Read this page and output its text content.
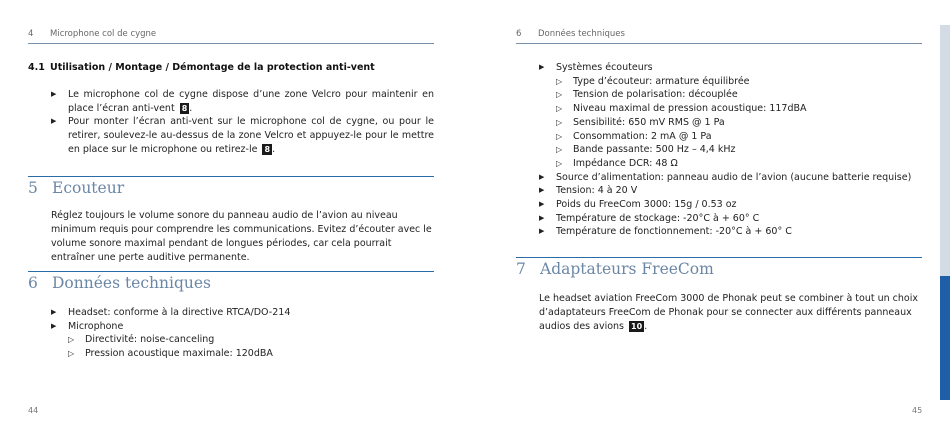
4 Microphone col de cygne
4.1 Utilisation / Montage / Démontage de la protection anti-vent
▶ Le microphone col de cygne dispose d’une zone Velcro pour maintenir en place l’écran anti-vent 8 .
▶ Pour monter l’écran anti-vent sur le microphone col de cygne, ou pour le retirer, soulevez-le au-dessus de la zone Velcro et appuyez-le pour le mettre en place sur le microphone ou retirez-le 8 .
5 Ecouteur
Réglez toujours le volume sonore du panneau audio de l’avion au niveau minimum requis pour comprendre les communications. Evitez d’écouter avec le volume sonore maximal pendant de longues périodes, car cela pourrait entraîner une perte auditive permanente.
6 Données techniques
▶ Headset: conforme à la directive RTCA/DO-214
▶ Microphone
▷ Directivité: noise-canceling
▷ Pression acoustique maximale: 120dBA
44
6 Données techniques
▶ Systèmes écouteurs
▷ Type d’écouteur: armature équilibrée
▷ Tension de polarisation: découplée
▷ Niveau maximal de pression acoustique: 117dBA
▷ Sensibilité: 650 mV RMS @ 1 Pa
▷ Consommation: 2 mA @ 1 Pa
▷ Bande passante: 500 Hz – 4,4 kHz
▷ Impédance DCR: 48 Ω
▶ Source d’alimentation: panneau audio de l’avion (aucune batterie requise)
▶ Tension: 4 à 20 V
▶ Poids du FreeCom 3000: 15g / 0.53 oz
▶ Température de stockage: -20°C à + 60° C
▶ Température de fonctionnement: -20°C à + 60° C
7 Adaptateurs FreeCom
Le headset aviation FreeCom 3000 de Phonak peut se combiner à tout un choix d’adaptateurs FreeCom de Phonak pour se connecter aux différents panneaux audios des avions 10 .
45
